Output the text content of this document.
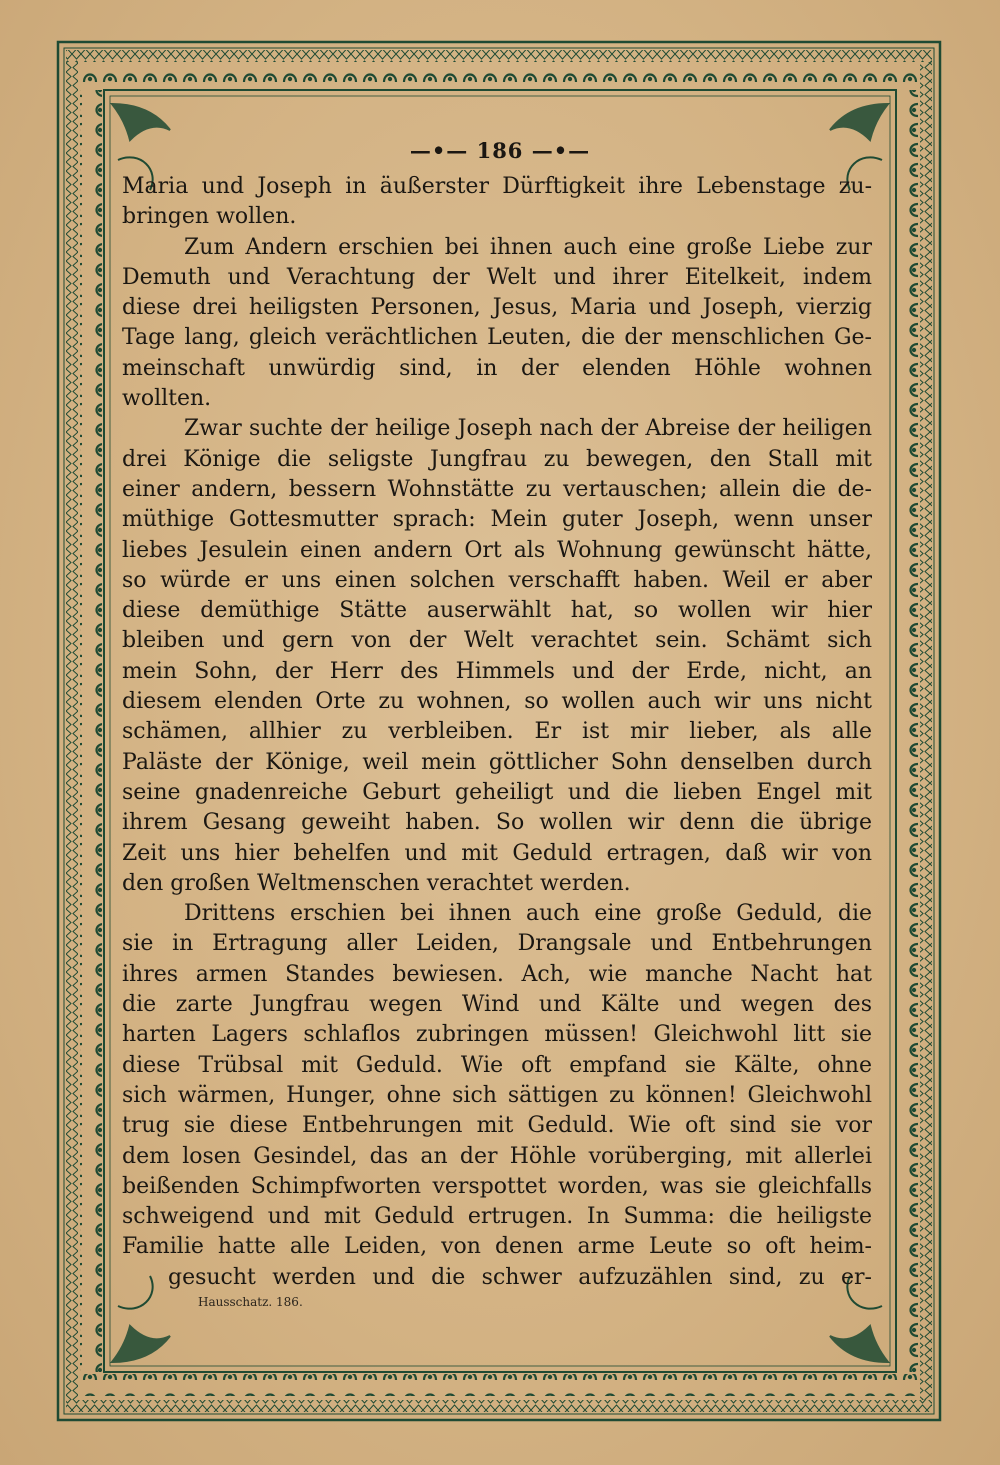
—•— 186 —•—
Maria und Joseph in äußerster Dürftigkeit ihre Lebenstage zu-
bringen wollen.
Zum Andern erschien bei ihnen auch eine große Liebe zur
Demuth und Verachtung der Welt und ihrer Eitelkeit, indem
diese drei heiligsten Personen, Jesus, Maria und Joseph, vierzig
Tage lang, gleich verächtlichen Leuten, die der menschlichen Ge-
meinschaft unwürdig sind, in der elenden Höhle wohnen
wollten.
Zwar suchte der heilige Joseph nach der Abreise der heiligen
drei Könige die seligste Jungfrau zu bewegen, den Stall mit
einer andern, bessern Wohnstätte zu vertauschen; allein die de-
müthige Gottesmutter sprach: Mein guter Joseph, wenn unser
liebes Jesulein einen andern Ort als Wohnung gewünscht hätte,
so würde er uns einen solchen verschafft haben. Weil er aber
diese demüthige Stätte auserwählt hat, so wollen wir hier
bleiben und gern von der Welt verachtet sein. Schämt sich
mein Sohn, der Herr des Himmels und der Erde, nicht, an
diesem elenden Orte zu wohnen, so wollen auch wir uns nicht
schämen, allhier zu verbleiben. Er ist mir lieber, als alle
Paläste der Könige, weil mein göttlicher Sohn denselben durch
seine gnadenreiche Geburt geheiligt und die lieben Engel mit
ihrem Gesang geweiht haben. So wollen wir denn die übrige
Zeit uns hier behelfen und mit Geduld ertragen, daß wir von
den großen Weltmenschen verachtet werden.
Drittens erschien bei ihnen auch eine große Geduld, die
sie in Ertragung aller Leiden, Drangsale und Entbehrungen
ihres armen Standes bewiesen. Ach, wie manche Nacht hat
die zarte Jungfrau wegen Wind und Kälte und wegen des
harten Lagers schlaflos zubringen müssen! Gleichwohl litt sie
diese Trübsal mit Geduld. Wie oft empfand sie Kälte, ohne
sich wärmen, Hunger, ohne sich sättigen zu können! Gleichwohl
trug sie diese Entbehrungen mit Geduld. Wie oft sind sie vor
dem losen Gesindel, das an der Höhle vorüberging, mit allerlei
beißenden Schimpfworten verspottet worden, was sie gleichfalls
schweigend und mit Geduld ertrugen. In Summa: die heiligste
Familie hatte alle Leiden, von denen arme Leute so oft heim-
gesucht werden und die schwer aufzuzählen sind, zu er-
Hausschatz. 186.
